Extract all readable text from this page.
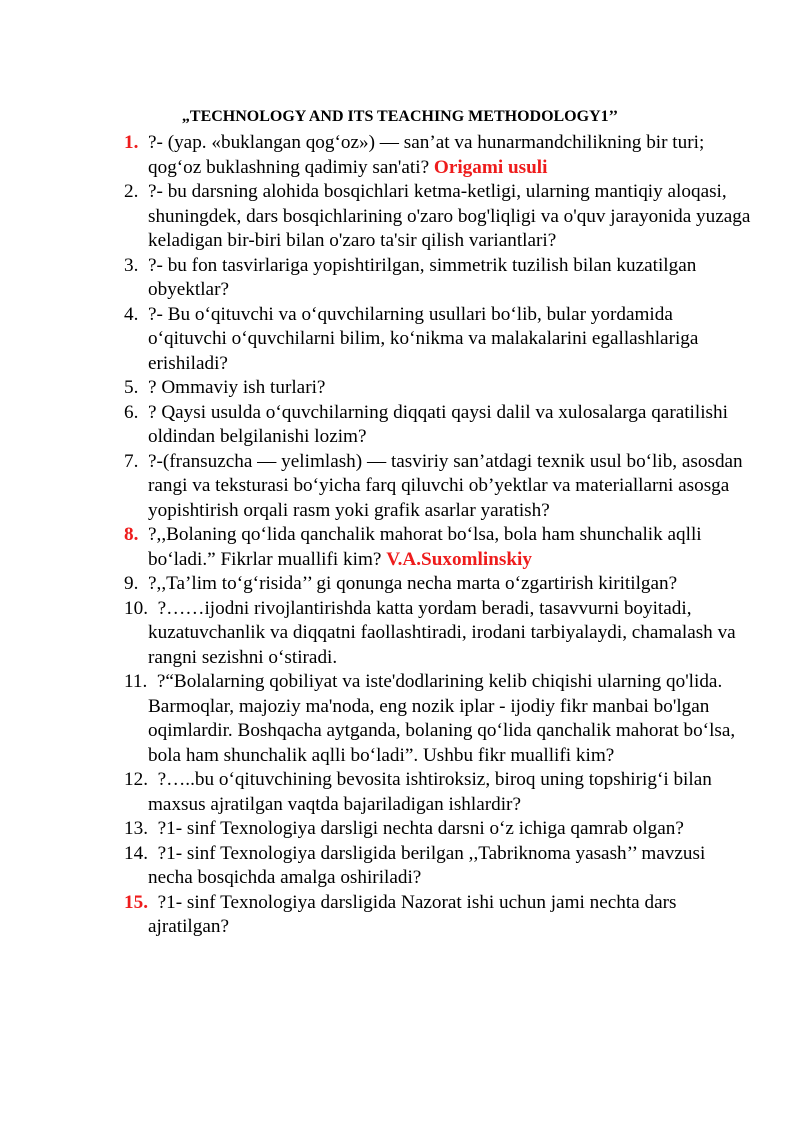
„TECHNOLOGY AND ITS TEACHING METHODOLOGY1’’
1. ?- (yap. «buklangan qog‘oz») — san’at va hunarmandchilikning bir turi; qog‘oz buklashning qadimiy san'ati? Origami usuli
2. ?- bu darsning alohida bosqichlari ketma-ketligi, ularning mantiqiy aloqasi, shuningdek, dars bosqichlarining o'zaro bog'liqligi va o'quv jarayonida yuzaga keladigan bir-biri bilan o'zaro ta'sir qilish variantlari?
3. ?- bu fon tasvirlariga yopishtirilgan, simmetrik tuzilish bilan kuzatilgan obyektlar?
4. ?- Bu o‘qituvchi va o‘quvchilarning usullari bo‘lib, bular yordamida o‘qituvchi o‘quvchilarni bilim, ko‘nikma va malakalarini egallashlariga erishiladi?
5. ? Ommaviy ish turlari?
6. ? Qaysi usulda o‘quvchilarning diqqati qaysi dalil va xulosalarga qaratilishi oldindan belgilanishi lozim?
7. ?-(fransuzcha — yelimlash) — tasviriy san’atdagi texnik usul bo‘lib, asosdan rangi va teksturasi bo‘yicha farq qiluvchi ob’yektlar va materiallarni asosga yopishtirish orqali rasm yoki grafik asarlar yaratish?
8. ?,,Bolaning qo‘lida qanchalik mahorat bo‘lsa, bola ham shunchalik aqlli bo‘ladi.” Fikrlar muallifi kim? V.A.Suxomlinskiy
9. ?,,Ta’lim to‘g‘risida’’ gi qonunga necha marta o‘zgartirish kiritilgan?
10. ?……ijodni rivojlantirishda katta yordam beradi, tasavvurni boyitadi, kuzatuvchanlik va diqqatni faollashtiradi, irodani tarbiyalaydi, chamalash va rangni sezishni o‘stiradi.
11. ?“Bolalarning qobiliyat va iste'dodlarining kelib chiqishi ularning qo'lida. Barmoqlar, majoziy ma'noda, eng nozik iplar - ijodiy fikr manbai bo'lgan oqimlardir. Boshqacha aytganda, bolaning qo‘lida qanchalik mahorat bo‘lsa, bola ham shunchalik aqlli bo‘ladi”. Ushbu fikr muallifi kim?
12. ?…..bu o‘qituvchining bevosita ishtiroksiz, biroq uning topshirig‘i bilan maxsus ajratilgan vaqtda bajariladigan ishlardir?
13. ?1- sinf Texnologiya darsligi nechta darsni o‘z ichiga qamrab olgan?
14. ?1- sinf Texnologiya darsligida berilgan ,,Tabriknoma yasash’’ mavzusi necha bosqichda amalga oshiriladi?
15. ?1- sinf Texnologiya darsligida Nazorat ishi uchun jami nechta dars ajratilgan?
